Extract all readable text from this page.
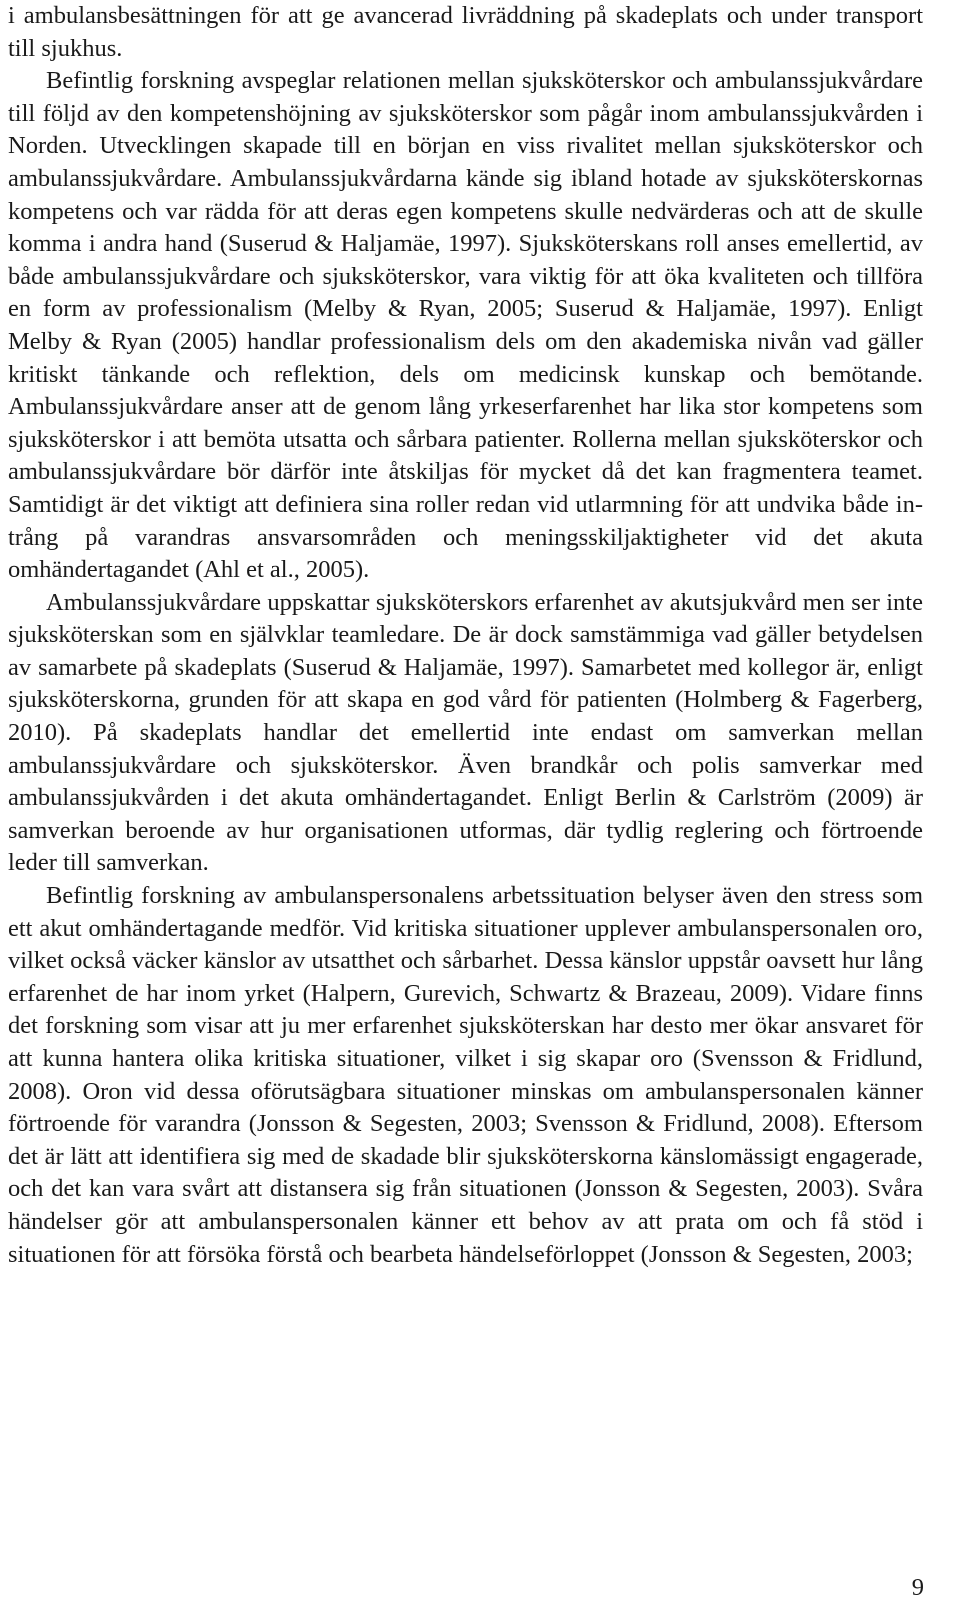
i ambulansbesättningen för att ge avancerad livräddning på skadeplats och under transport till sjukhus.

Befintlig forskning avspeglar relationen mellan sjuksköterskor och ambulanssjukvårdare till följd av den kompetenshöjning av sjuksköterskor som pågår inom ambulanssjukvården i Norden. Utvecklingen skapade till en början en viss rivalitet mellan sjuksköterskor och ambulanssjukvårdare. Ambulanssjukvårdarna kände sig ibland hotade av sjuksköterskornas kompetens och var rädda för att deras egen kompetens skulle nedvärderas och att de skulle komma i andra hand (Suserud & Haljamäe, 1997). Sjuksköterskans roll anses emellertid, av både ambulanssjukvårdare och sjuksköterskor, vara viktig för att öka kvaliteten och tillföra en form av professionalism (Melby & Ryan, 2005; Suserud & Haljamäe, 1997). Enligt Melby & Ryan (2005) handlar professionalism dels om den akademiska nivån vad gäller kritiskt tänkande och reflektion, dels om medicinsk kunskap och bemötande. Ambulanssjukvårdare anser att de genom lång yrkeserfarenhet har lika stor kompetens som sjuksköterskor i att bemöta utsatta och sårbara patienter. Rollerna mellan sjuksköterskor och ambulanssjukvårdare bör därför inte åtskiljas för mycket då det kan fragmentera teamet. Samtidigt är det viktigt att definiera sina roller redan vid utlarmning för att undvika både intrång på varandras ansvarsområden och meningsskiljaktigheter vid det akuta omhändertagandet (Ahl et al., 2005).

Ambulanssjukvårdare uppskattar sjuksköterskors erfarenhet av akutsjukvård men ser inte sjuksköterskan som en självklar teamledare. De är dock samstämmiga vad gäller betydelsen av samarbete på skadeplats (Suserud & Haljamäe, 1997). Samarbetet med kollegor är, enligt sjuksköterskorna, grunden för att skapa en god vård för patienten (Holmberg & Fagerberg, 2010). På skadeplats handlar det emellertid inte endast om samverkan mellan ambulanssjukvårdare och sjuksköterskor. Även brandkår och polis samverkar med ambulanssjukvården i det akuta omhändertagandet. Enligt Berlin & Carlström (2009) är samverkan beroende av hur organisationen utformas, där tydlig reglering och förtroende leder till samverkan.

Befintlig forskning av ambulanspersonalens arbetssituation belyser även den stress som ett akut omhändertagande medför. Vid kritiska situationer upplever ambulanspersonalen oro, vilket också väcker känslor av utsatthet och sårbarhet. Dessa känslor uppstår oavsett hur lång erfarenhet de har inom yrket (Halpern, Gurevich, Schwartz & Brazeau, 2009). Vidare finns det forskning som visar att ju mer erfarenhet sjuksköterskan har desto mer ökar ansvaret för att kunna hantera olika kritiska situationer, vilket i sig skapar oro (Svensson & Fridlund, 2008). Oron vid dessa oförutsägbara situationer minskas om ambulanspersonalen känner förtroende för varandra (Jonsson & Segesten, 2003; Svensson & Fridlund, 2008). Eftersom det är lätt att identifiera sig med de skadade blir sjuksköterskorna känslomässigt engagerade, och det kan vara svårt att distansera sig från situationen (Jonsson & Segesten, 2003). Svåra händelser gör att ambulanspersonalen känner ett behov av att prata om och få stöd i situationen för att försöka förstå och bearbeta händelseförloppet (Jonsson & Segesten, 2003;

9
